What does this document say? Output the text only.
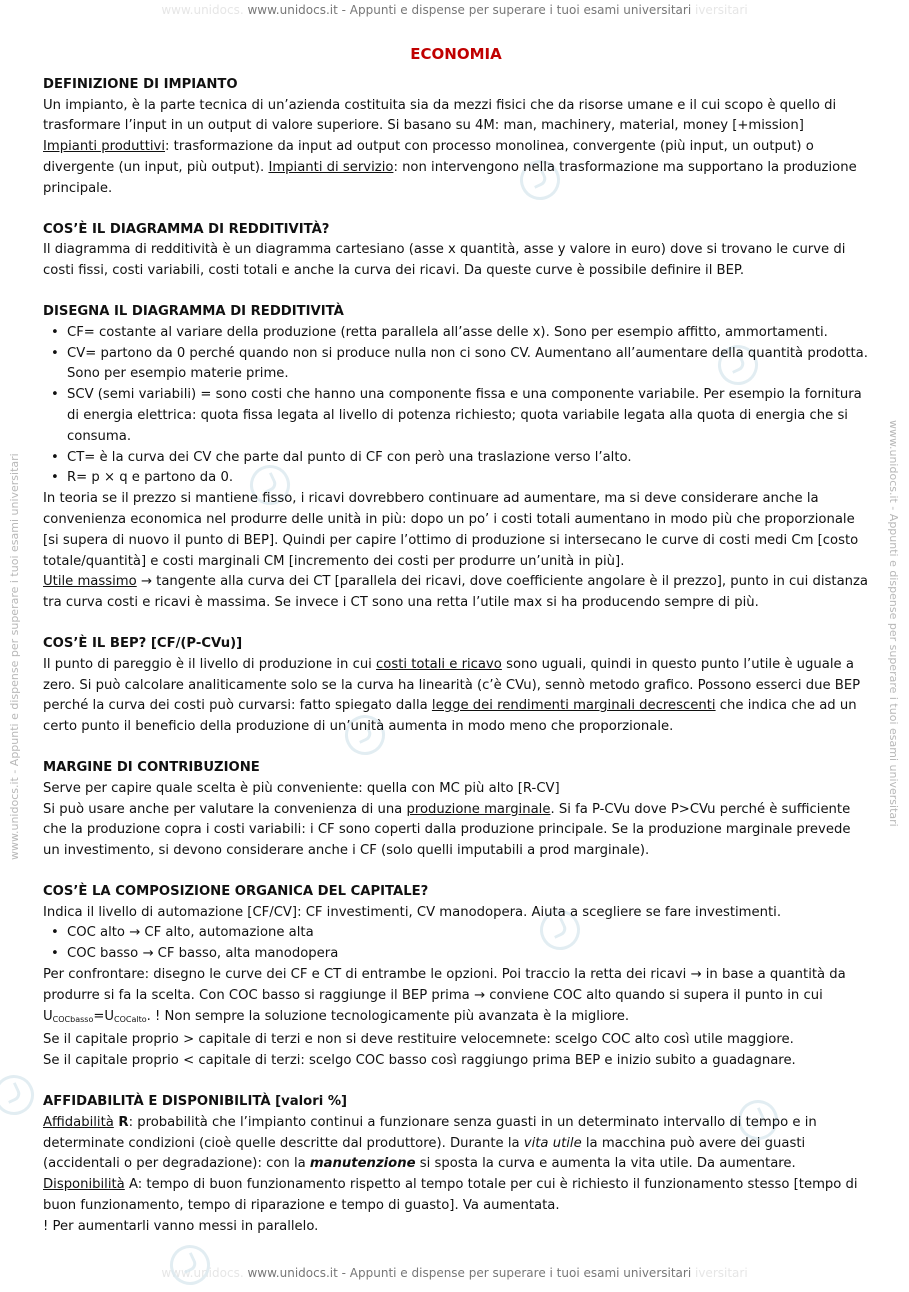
www.unidocs. www.unidocs.it - Appunti e dispense per superare i tuoi esami universitari iversitari
www.unidocs. www.unidocs.it - Appunti e dispense per superare i tuoi esami universitari iversitari
www.unidocs.it - Appunti e dispense per superare i tuoi esami universitari	www.unidocs.it - Appunti e dispense per superare i tuoi esami universitari
ECONOMIA
DEFINIZIONE DI IMPIANTO

Un impianto, è la parte tecnica di un’azienda costituita sia da mezzi fisici che da risorse umane e il cui scopo è quello di trasformare l’input in un output di valore superiore. Si basano su 4M: man, machinery, material, money [+mission]

Impianti produttivi: trasformazione da input ad output con processo monolinea, convergente (più input, un output) o divergente (un input, più output). Impianti di servizio: non intervengono nella trasformazione ma supportano la produzione principale.

COS’È IL DIAGRAMMA DI REDDITIVITÀ?

Il diagramma di redditività è un diagramma cartesiano (asse x quantità, asse y valore in euro) dove si trovano le curve di costi fissi, costi variabili, costi totali e anche la curva dei ricavi. Da queste curve è possibile definire il BEP.

DISEGNA IL DIAGRAMMA DI REDDITIVITÀ
• CF= costante al variare della produzione (retta parallela all’asse delle x). Sono per esempio affitto, ammortamenti.
• CV= partono da 0 perché quando non si produce nulla non ci sono CV. Aumentano all’aumentare della quantità prodotta. Sono per esempio materie prime.
• SCV (semi variabili) = sono costi che hanno una componente fissa e una componente variabile. Per esempio la fornitura di energia elettrica: quota fissa legata al livello di potenza richiesto; quota variabile legata alla quota di energia che si consuma.
• CT= è la curva dei CV che parte dal punto di CF con però una traslazione verso l’alto.
• R= p × q e partono da 0.

In teoria se il prezzo si mantiene fisso, i ricavi dovrebbero continuare ad aumentare, ma si deve considerare anche la convenienza economica nel produrre delle unità in più: dopo un po’ i costi totali aumentano in modo più che proporzionale [si supera di nuovo il punto di BEP]. Quindi per capire l’ottimo di produzione si intersecano le curve di costi medi Cm [costo totale/quantità] e costi marginali CM [incremento dei costi per produrre un’unità in più].

Utile massimo → tangente alla curva dei CT [parallela dei ricavi, dove coefficiente angolare è il prezzo], punto in cui distanza tra curva costi e ricavi è massima. Se invece i CT sono una retta l’utile max si ha producendo sempre di più.

COS’È IL BEP? [CF/(P-CVu)]

Il punto di pareggio è il livello di produzione in cui costi totali e ricavo sono uguali, quindi in questo punto l’utile è uguale a zero. Si può calcolare analiticamente solo se la curva ha linearità (c’è CVu), sennò metodo grafico. Possono esserci due BEP perché la curva dei costi può curvarsi: fatto spiegato dalla legge dei rendimenti marginali decrescenti che indica che ad un certo punto il beneficio della produzione di un’unità aumenta in modo meno che proporzionale.

MARGINE DI CONTRIBUZIONE

Serve per capire quale scelta è più conveniente: quella con MC più alto [R-CV]

Si può usare anche per valutare la convenienza di una produzione marginale. Si fa P-CVu dove P>CVu perché è sufficiente che la produzione copra i costi variabili: i CF sono coperti dalla produzione principale. Se la produzione marginale prevede un investimento, si devono considerare anche i CF (solo quelli imputabili a prod marginale).

COS’È LA COMPOSIZIONE ORGANICA DEL CAPITALE?

Indica il livello di automazione [CF/CV]: CF investimenti, CV manodopera. Aiuta a scegliere se fare investimenti.

• COC alto → CF alto, automazione alta
• COC basso → CF basso, alta manodopera

Per confrontare: disegno le curve dei CF e CT di entrambe le opzioni. Poi traccio la retta dei ricavi → in base a quantità da produrre si fa la scelta. Con COC basso si raggiunge il BEP prima → conviene COC alto quando si supera il punto in cui $U_{COCbasso}=U_{COCalto}$. ! Non sempre la soluzione tecnologicamente più avanzata è la migliore.

Se il capitale proprio > capitale di terzi e non si deve restituire velocemnete: scelgo COC alto così utile maggiore.

Se il capitale proprio < capitale di terzi: scelgo COC basso così raggiungo prima BEP e inizio subito a guadagnare.

AFFIDABILITÀ E DISPONIBILITÀ [valori %]

Affidabilità R: probabilità che l’impianto continui a funzionare senza guasti in un determinato intervallo di tempo e in determinate condizioni (cioè quelle descritte dal produttore). Durante la vita utile la macchina può avere dei guasti (accidentali o per degradazione): con la manutenzione si sposta la curva e aumenta la vita utile. Da aumentare.

Disponibilità A: tempo di buon funzionamento rispetto al tempo totale per cui è richiesto il funzionamento stesso [tempo di buon funzionamento, tempo di riparazione e tempo di guasto]. Va aumentata.

! Per aumentarli vanno messi in parallelo.
